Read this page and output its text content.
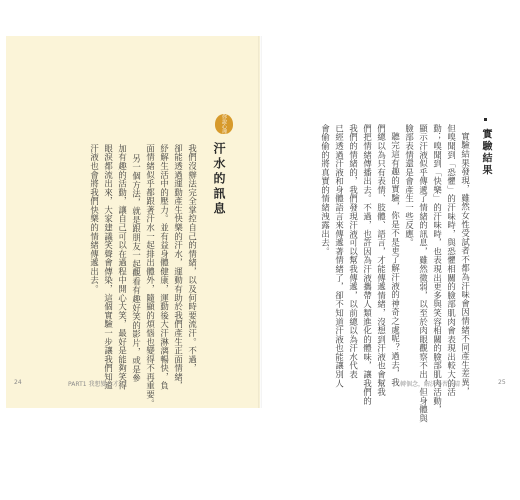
你說心理
汗水的訊息
我們沒辦法完全掌控自己的情緒，以及何時要流汗。不過，
卻能透過運動產生快樂的汗水，運動有助於我們產生正面情緒，
紓解生活中的壓力。並有益身體健康，運動後大汗淋漓暢快，負
面情緒似乎都跟著汗水一起排出體外，隨顯的煩惱也變得不再重要。
另一個方法，就是跟朋友一起觀看有趣好笑的影片，或是參
加有趣的活動，讓自己可以在過程中開心大笑，最好是能夠笑得
眼淚都流出來，大家建議笑聲會傳染，這個實驗一步讓我們知道
汗液也會將我們快樂的情緒傳遞出去。	實驗結果
實驗結果發現，雖然女性受試者不都為汗味會因情緒不同產生差異，
但嗅聞到「恐懼」的汗味時，與恐懼相關的臉部肌肉會表現出較大的活
動；嗅聞到「快樂」的汗味時，也表現出更多與笑容相關的臉部肌肉活動，
顯示汗液似乎傳遞了情緒的訊息，雖然微弱，以至於肉眼觀察不出，但身體與
臉部表情還是會產生一些反應。
聽完這有趣的實驗，你是不是更了解汗液的神奇之處呢？過去，我
們總以為只有表情、肢體、語言，才能傳遞情緒，沒想到汗液也會幫我
們把情緒傳播出去。不過，也許因為汗液攜帶人類進化的體味，讓我們的
我們的情緒的，我們發現汗液可以幫我傳遞，以前總以為汗水代表
已經透過汗液和身體語言來傳遞著情緒了，卻不知道汗液也能讓別人
會偷偷的將真實的情緒洩露出去。
24	PART1 我想變心才了！	轉個念，解決學習天晴	25
